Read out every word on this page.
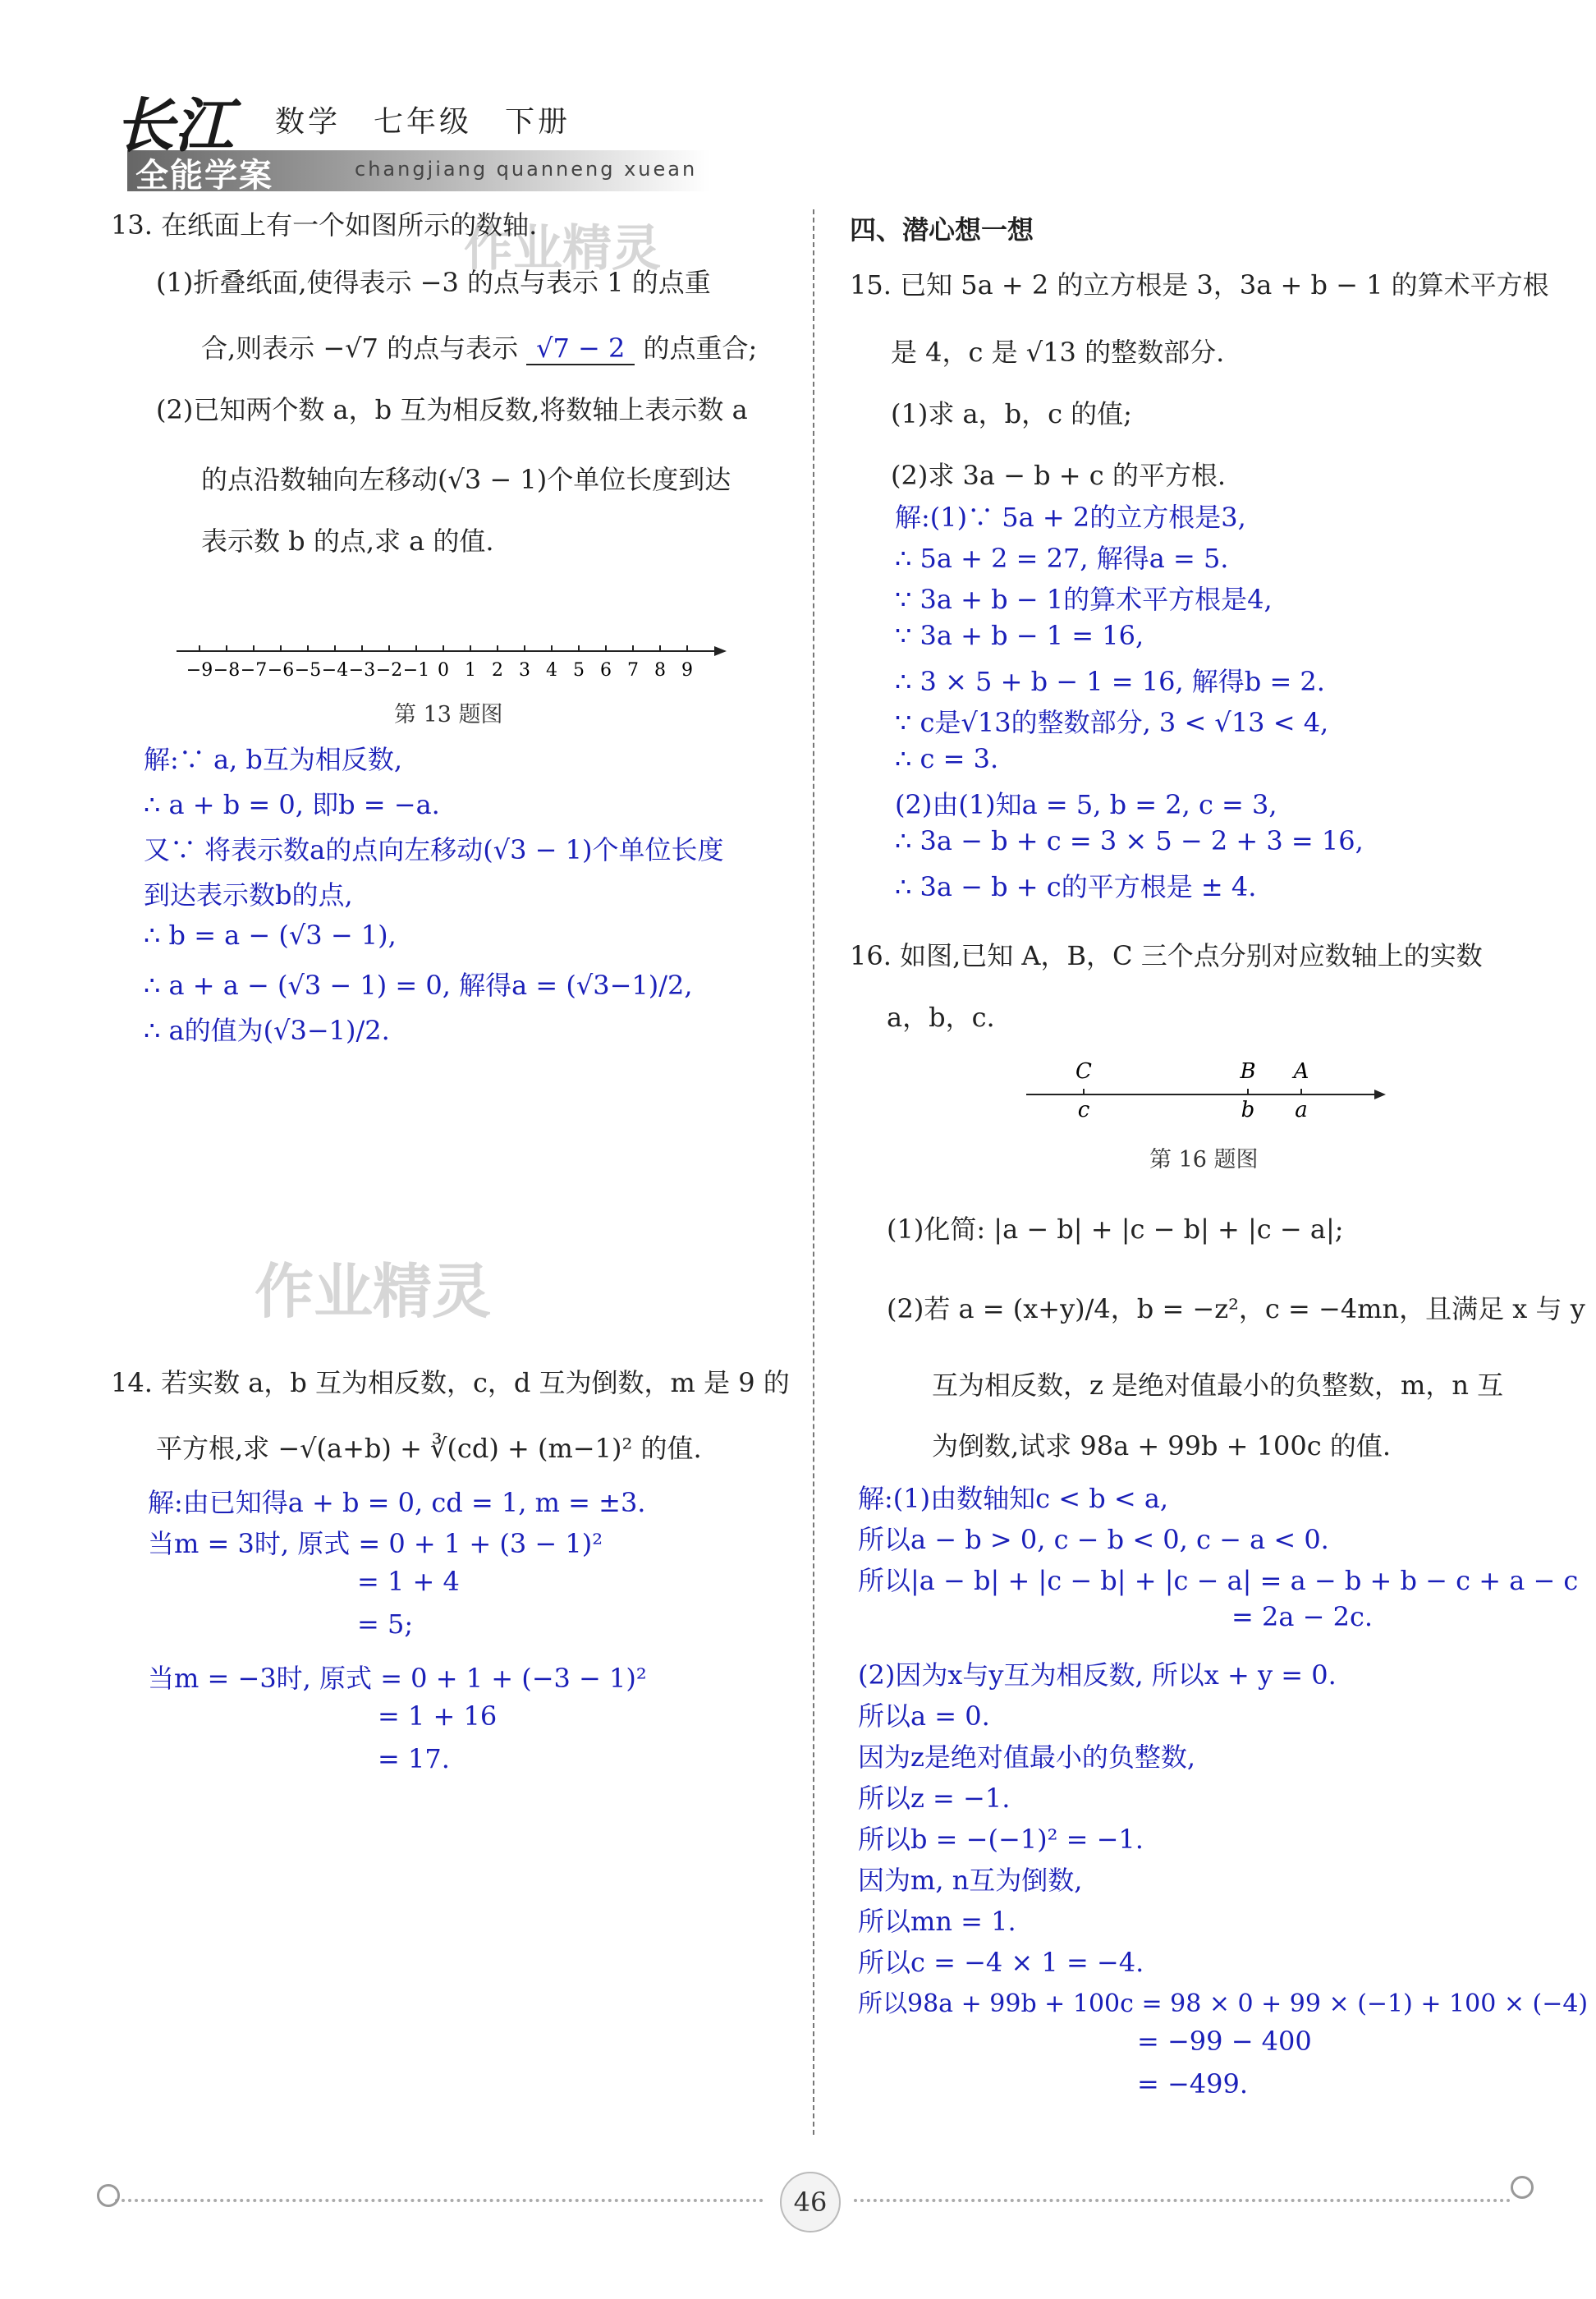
长江
全能学案
数学　七年级　下册
changjiang quanneng xuean
作业精灵
作业精灵
13. 在纸面上有一个如图所示的数轴.
(1)折叠纸面,使得表示 −3 的点与表示 1 的点重
合,则表示 −√7 的点与表示 √7 − 2 的点重合;
(2)已知两个数 a，b 互为相反数,将数轴上表示数 a
的点沿数轴向左移动(√3 − 1)个单位长度到达
表示数 b 的点,求 a 的值.
−9 −8 −7 −6 −5 −4 −3 −2 −1 0 1 2 3 4 5 6 7 8 9
第 13 题图
解:∵ a, b互为相反数,
∴ a + b = 0, 即b = −a.
又∵ 将表示数a的点向左移动(√3 − 1)个单位长度
到达表示数b的点,
∴ b = a − (√3 − 1),
∴ a + a − (√3 − 1) = 0, 解得a = (√3−1)/2,
∴ a的值为(√3−1)/2.
14. 若实数 a，b 互为相反数，c，d 互为倒数，m 是 9 的
平方根,求 −√(a+b) + ∛(cd) + (m−1)² 的值.
解:由已知得a + b = 0, cd = 1, m = ±3.
当m = 3时, 原式 = 0 + 1 + (3 − 1)²
= 1 + 4
= 5;
当m = −3时, 原式 = 0 + 1 + (−3 − 1)²
= 1 + 16
= 17.
四、潜心想一想
15. 已知 5a + 2 的立方根是 3，3a + b − 1 的算术平方根
是 4，c 是 √13 的整数部分.
(1)求 a，b，c 的值;
(2)求 3a − b + c 的平方根.
解:(1)∵ 5a + 2的立方根是3,
∴ 5a + 2 = 27, 解得a = 5.
∵ 3a + b − 1的算术平方根是4,
∵ 3a + b − 1 = 16,
∴ 3 × 5 + b − 1 = 16, 解得b = 2.
∵ c是√13的整数部分, 3 < √13 < 4,
∴ c = 3.
(2)由(1)知a = 5, b = 2, c = 3,
∴ 3a − b + c = 3 × 5 − 2 + 3 = 16,
∴ 3a − b + c的平方根是 ± 4.
16. 如图,已知 A，B，C 三个点分别对应数轴上的实数
a，b，c.
C	B A
c	b a
第 16 题图
(1)化简: |a − b| + |c − b| + |c − a|;
(2)若 a = (x+y)/4，b = −z²，c = −4mn，且满足 x 与 y
互为相反数，z 是绝对值最小的负整数，m，n 互
为倒数,试求 98a + 99b + 100c 的值.
解:(1)由数轴知c < b < a,
所以a − b > 0, c − b < 0, c − a < 0.
所以|a − b| + |c − b| + |c − a| = a − b + b − c + a − c
= 2a − 2c.
(2)因为x与y互为相反数, 所以x + y = 0.
所以a = 0.
因为z是绝对值最小的负整数,
所以z = −1.
所以b = −(−1)² = −1.
因为m, n互为倒数,
所以mn = 1.
所以c = −4 × 1 = −4.
所以98a + 99b + 100c = 98 × 0 + 99 × (−1) + 100 × (−4)
= −99 − 400
= −499.
46
